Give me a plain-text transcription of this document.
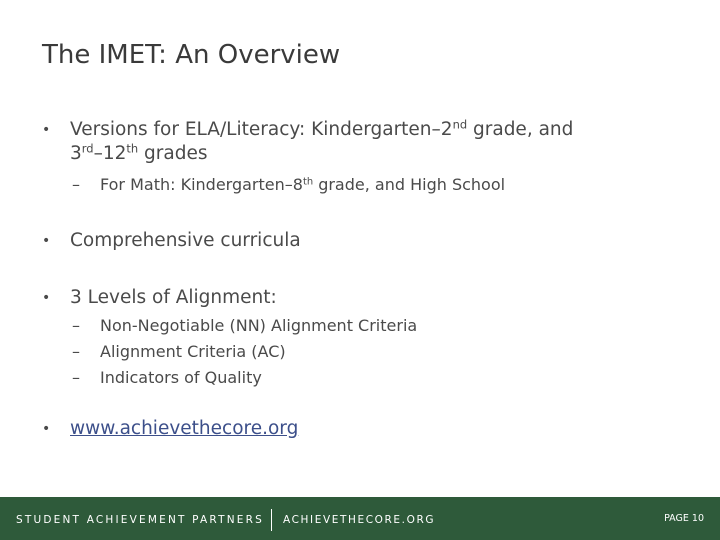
The IMET: An Overview
• Versions for ELA/Literacy: Kindergarten–2nd grade, and
3rd–12th grades
– For Math: Kindergarten–8th grade, and High School
• Comprehensive curricula
• 3 Levels of Alignment:
– Non-Negotiable (NN) Alignment Criteria
– Alignment Criteria (AC)
– Indicators of Quality
• www.achievethecore.org
STUDENT ACHIEVEMENT PARTNERS ACHIEVETHECORE.ORG	PAGE 10
